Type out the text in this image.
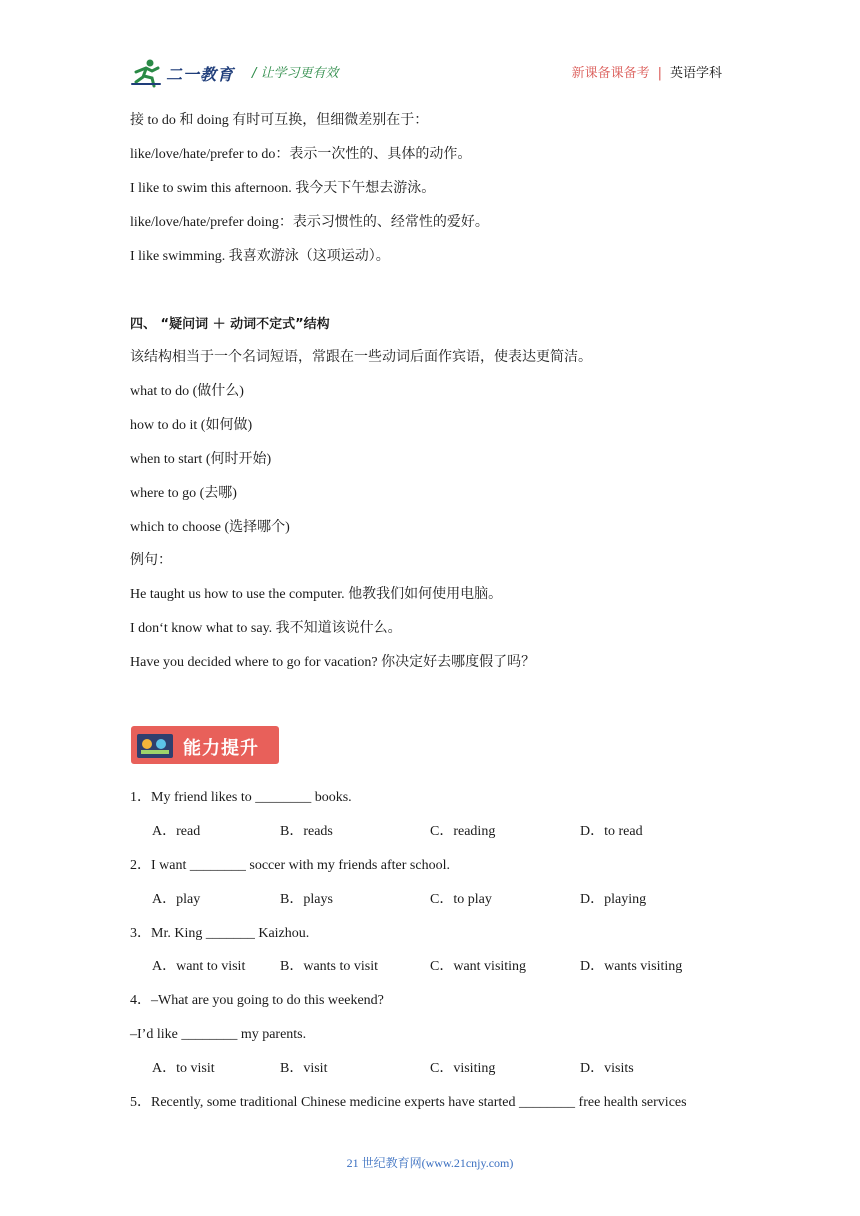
二一教育 / 让学习更有效	新课备课备考 | 英语学科
接 to do 和 doing 有时可互换，但细微差别在于：
like/love/hate/prefer to do：表示一次性的、具体的动作。
I like to swim this afternoon. 我今天下午想去游泳。
like/love/hate/prefer doing：表示习惯性的、经常性的爱好。
I like swimming. 我喜欢游泳（这项运动）。
四、 “疑问词 ＋ 动词不定式”结构
该结构相当于一个名词短语，常跟在一些动词后面作宾语，使表达更简洁。
what to do (做什么)
how to do it (如何做)
when to start (何时开始)
where to go (去哪)
which to choose (选择哪个)
例句：
He taught us how to use the computer. 他教我们如何使用电脑。
I don‘t know what to say. 我不知道该说什么。
Have you decided where to go for vacation? 你决定好去哪度假了吗？
能力提升
1．My friend likes to ________ books.
A．read	B．reads	C．reading	D．to read
2．I want ________ soccer with my friends after school.
A．play	B．plays	C．to play	D．playing
3．Mr. King _______ Kaizhou.
A．want to visit B．wants to visit	C．want visiting	D．wants visiting
4．–What are you going to do this weekend?
–I’d like ________ my parents.
A．to visit	B．visit	C．visiting	D．visits
5．Recently, some traditional Chinese medicine experts have started ________ free health services
21 世纪教育网(www.21cnjy.com)
